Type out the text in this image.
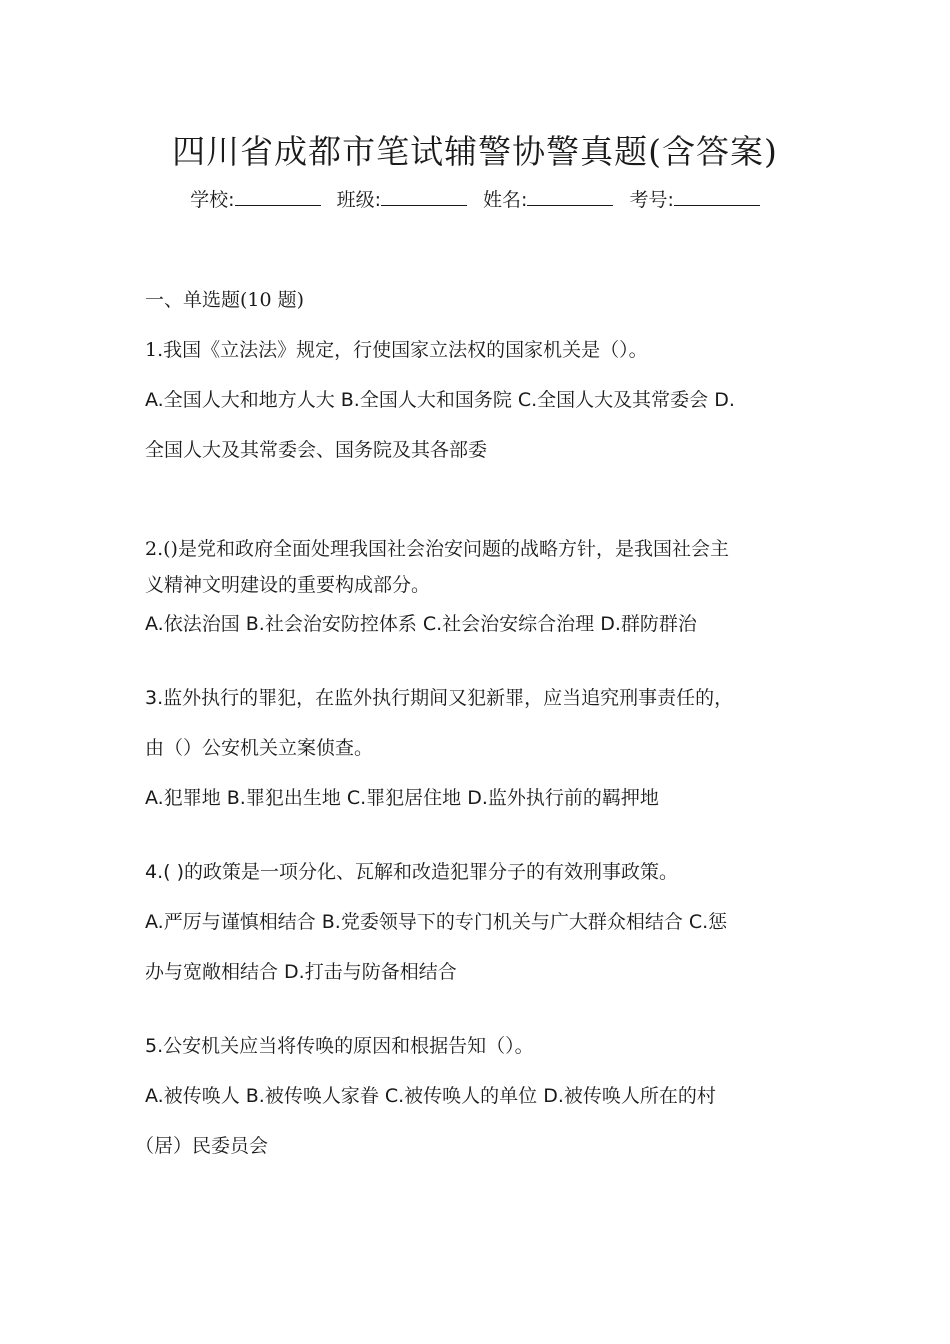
四川省成都市笔试辅警协警真题(含答案)
学校:	班级:	姓名:	考号:
一、单选题(10 题)
1.我国《立法法》规定，行使国家立法权的国家机关是（）。
A.全国人大和地方人大 B.全国人大和国务院 C.全国人大及其常委会 D.
全国人大及其常委会、国务院及其各部委
2.()是党和政府全面处理我国社会治安问题的战略方针，是我国社会主
义精神文明建设的重要构成部分。
A.依法治国 B.社会治安防控体系 C.社会治安综合治理 D.群防群治
3.监外执行的罪犯，在监外执行期间又犯新罪，应当追究刑事责任的，
由（）公安机关立案侦查。
A.犯罪地 B.罪犯出生地 C.罪犯居住地 D.监外执行前的羁押地
4.( )的政策是一项分化、瓦解和改造犯罪分子的有效刑事政策。
A.严厉与谨慎相结合 B.党委领导下的专门机关与广大群众相结合 C.惩
办与宽敞相结合 D.打击与防备相结合
5.公安机关应当将传唤的原因和根据告知（）。
A.被传唤人 B.被传唤人家眷 C.被传唤人的单位 D.被传唤人所在的村
（居）民委员会
